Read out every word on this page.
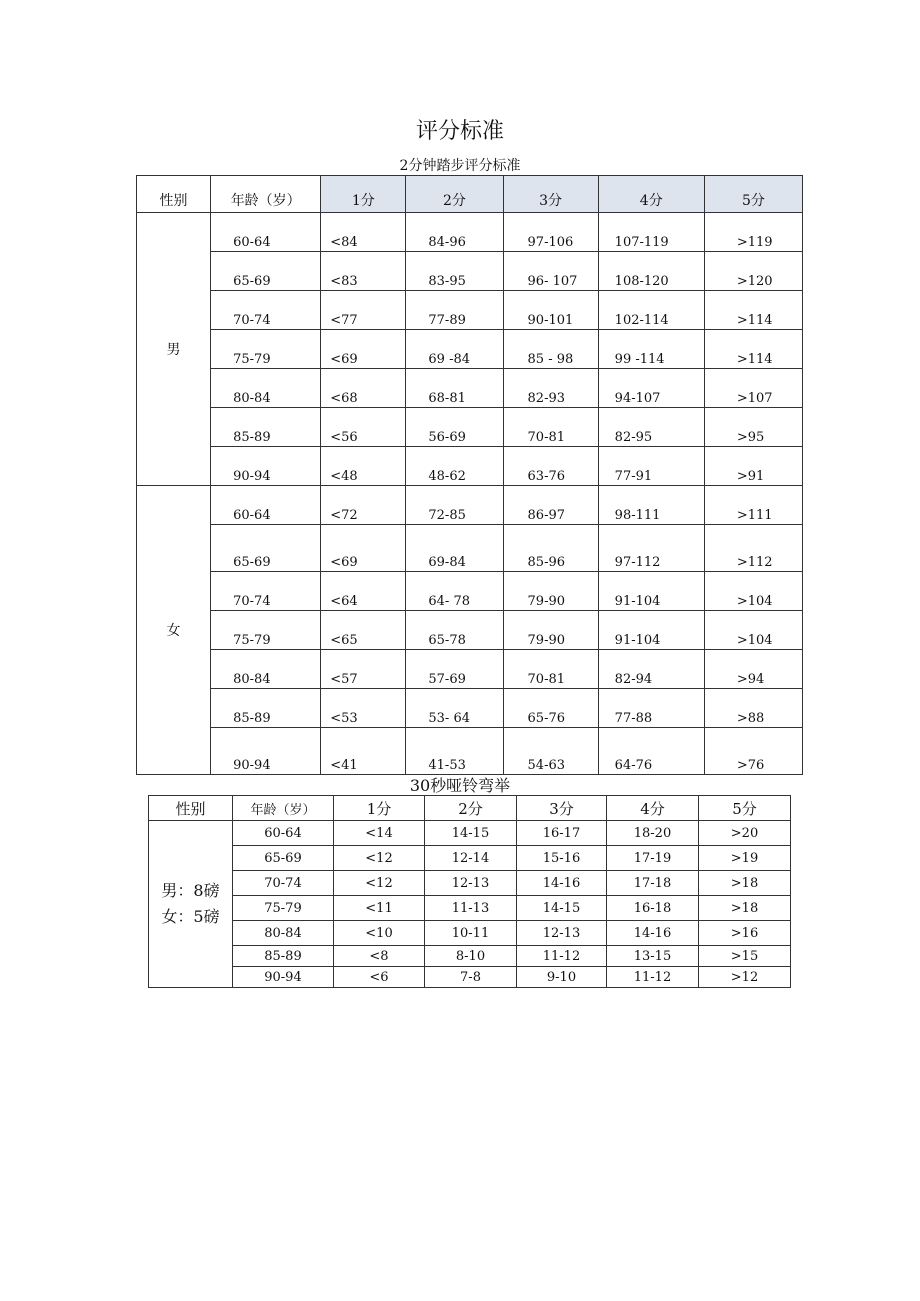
评分标准
2分钟踏步评分标准
性别	年龄（岁）	1分	2分	3分	4分	5分
男	60-64	<84	84-96	97-106	107-119	>119
	65-69	<83	83-95	96- 107	108-120	>120
	70-74	<77	77-89	90-101	102-114	>114
	75-79	<69	69 -84	85 - 98	99 -114	>114
	80-84	<68	68-81	82-93	94-107	>107
	85-89	<56	56-69	70-81	82-95	>95
	90-94	<48	48-62	63-76	77-91	>91
女	60-64	<72	72-85	86-97	98-111	>111
	65-69	<69	69-84	85-96	97-112	>112
	70-74	<64	64- 78	79-90	91-104	>104
	75-79	<65	65-78	79-90	91-104	>104
	80-84	<57	57-69	70-81	82-94	>94
	85-89	<53	53- 64	65-76	77-88	>88
	90-94	<41	41-53	54-63	64-76	>76
30秒哑铃弯举
性别	年龄（岁）	1分	2分	3分	4分	5分

男：8磅
女：5磅	60-64	<14	14-15	16-17	18-20	>20
	65-69	<12	12-14	15-16	17-19	>19
	70-74	<12	12-13	14-16	17-18	>18
	75-79	<11	11-13	14-15	16-18	>18
	80-84	<10	10-11	12-13	14-16	>16
	85-89	<8	8-10	11-12	13-15	>15
	90-94	<6	7-8	9-10	11-12	>12
